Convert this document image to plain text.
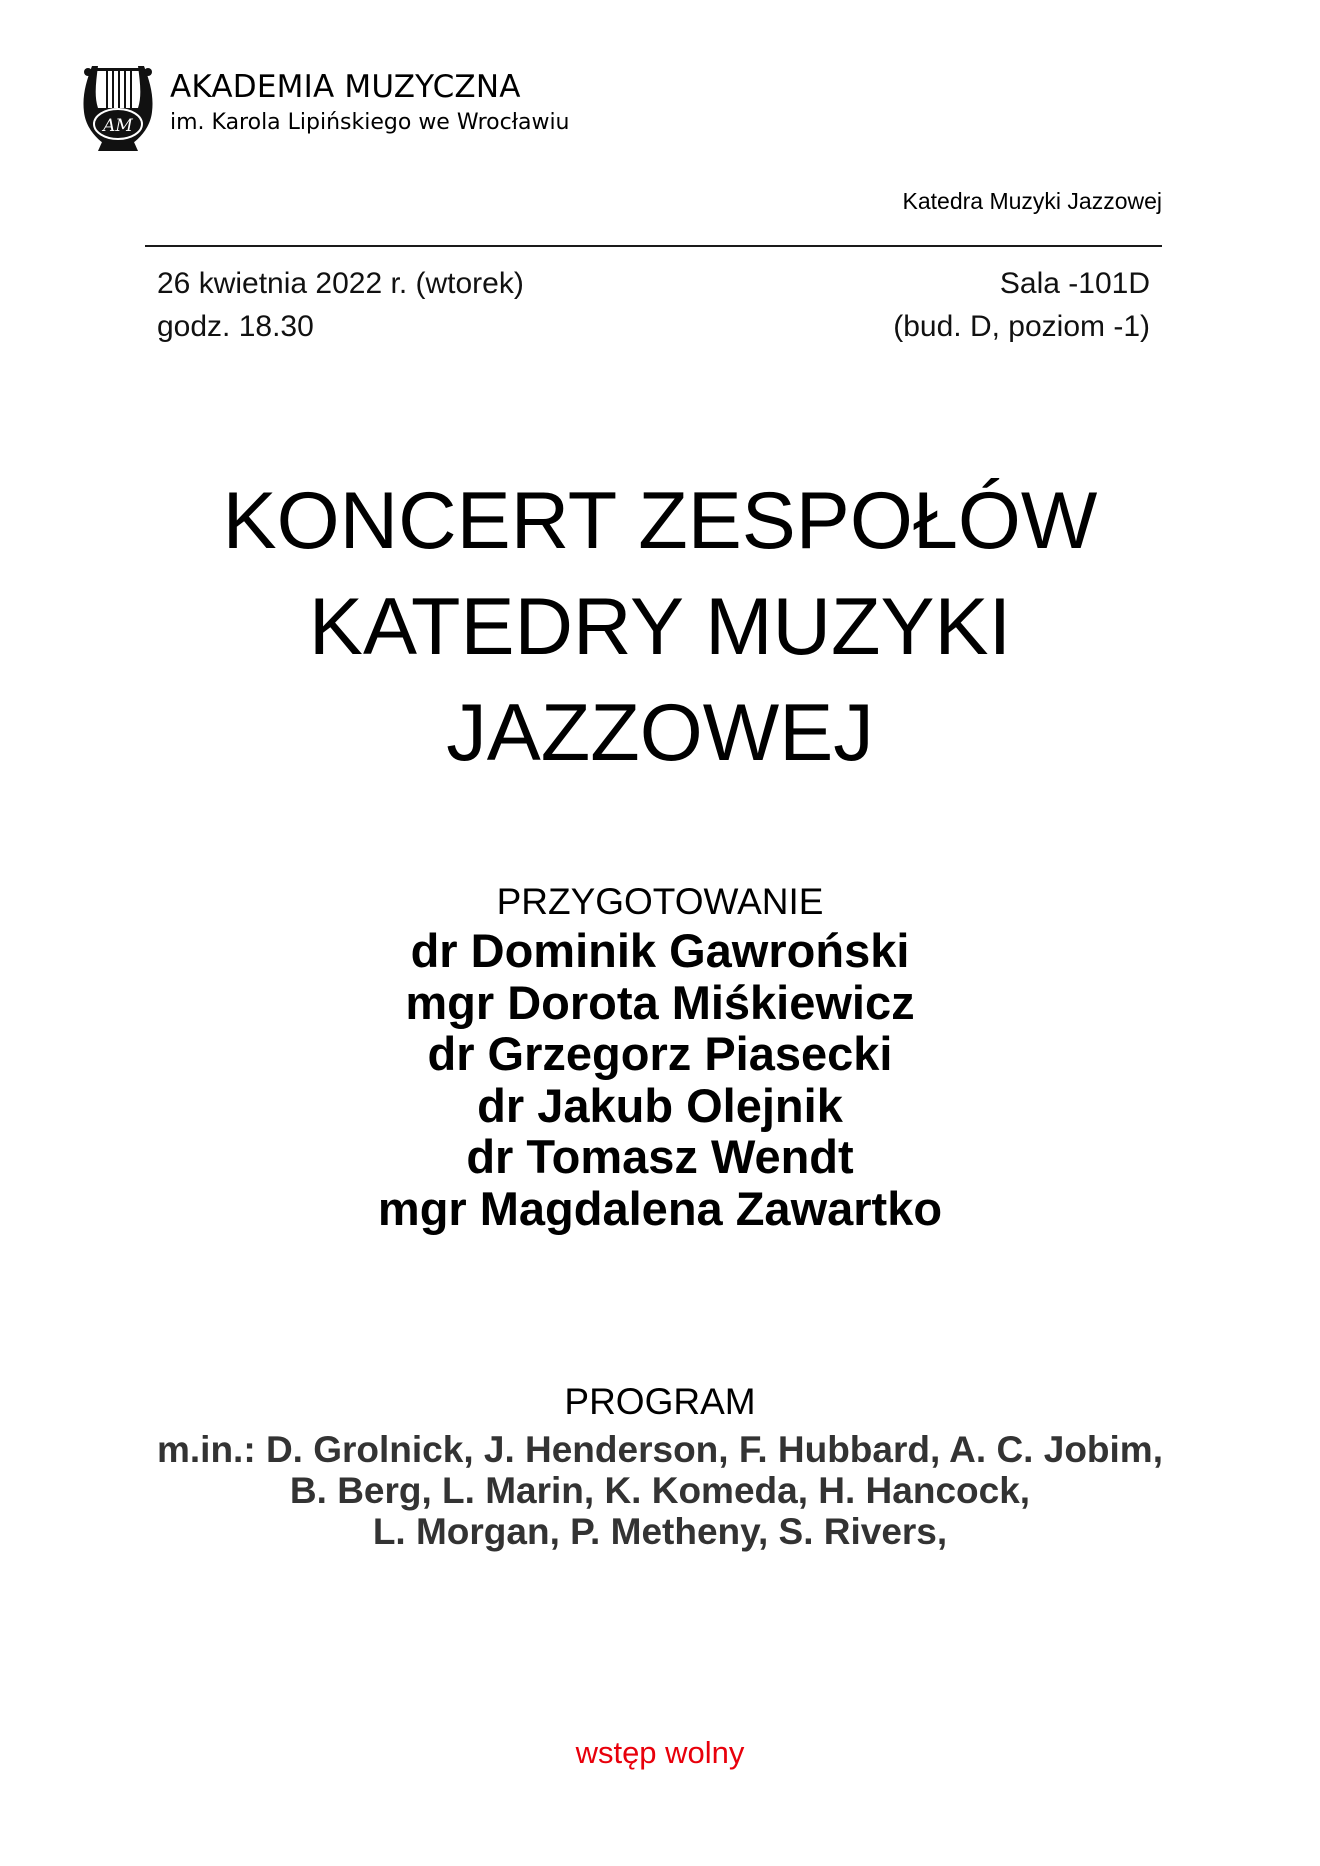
AM
AKADEMIA MUZYCZNA
im. Karola Lipińskiego we Wrocławiu
Katedra Muzyki Jazzowej
26 kwietnia 2022 r. (wtorek)
godz. 18.30
Sala -101D
(bud. D, poziom -1)
KONCERT ZESPOŁÓW
KATEDRY MUZYKI
JAZZOWEJ
PRZYGOTOWANIE
dr Dominik Gawroński
mgr Dorota Miśkiewicz
dr Grzegorz Piasecki
dr Jakub Olejnik
dr Tomasz Wendt
mgr Magdalena Zawartko
PROGRAM
m.in.: D. Grolnick, J. Henderson, F. Hubbard, A. C. Jobim,
B. Berg, L. Marin, K. Komeda, H. Hancock,
L. Morgan, P. Metheny, S. Rivers,
wstęp wolny
